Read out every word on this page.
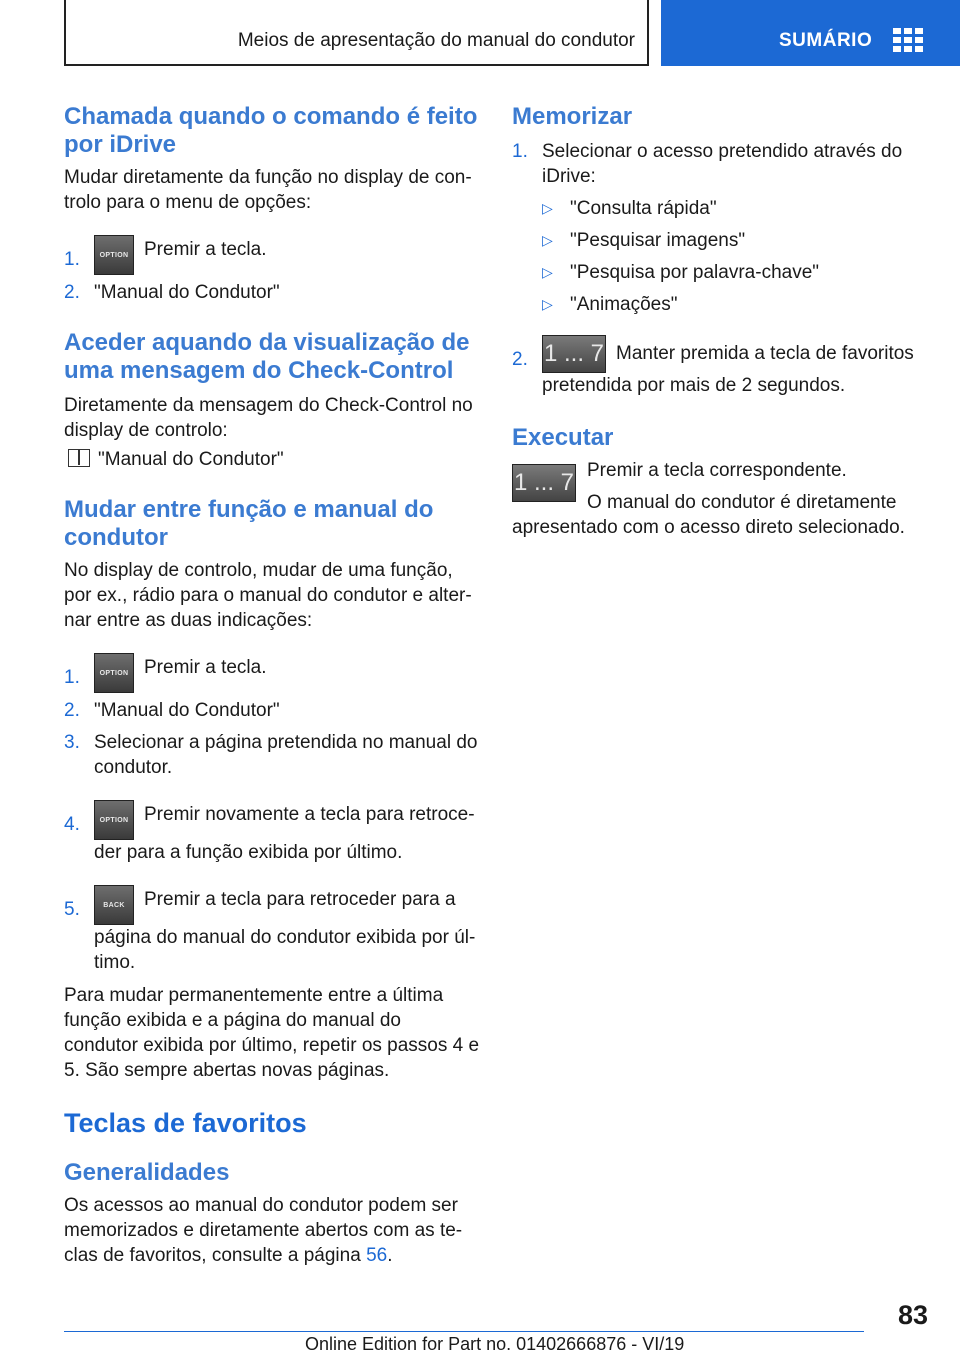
Meios de apresentação do manual do condutor	SUMÁRIO
Chamada quando o comando é feito por iDrive

Mudar diretamente da função no display de con- trolo para o menu de opções:

1.	OPTION Premir a tecla.
2. "Manual do Condutor"
Aceder aquando da visualização de uma mensagem do Check-Control

Diretamente da mensagem do Check-Control no display de controlo:

"Manual do Condutor"

Mudar entre função e manual do condutor

No display de controlo, mudar de uma função, por ex., rádio para o manual do condutor e alter- nar entre as duas indicações:

1.	OPTION Premir a tecla.
2. "Manual do Condutor"
3. Selecionar a página pretendida no manual do condutor.
4.	OPTION Premir novamente a tecla para retroce- der para a função exibida por último.
5.	BACK Premir a tecla para retroceder para a página do manual do condutor exibida por úl- timo.

Para mudar permanentemente entre a última função exibida e a página do manual do condutor exibida por último, repetir os passos 4 e 5. São sempre abertas novas páginas.

Teclas de favoritos
Generalidades

Os acessos ao manual do condutor podem ser memorizados e diretamente abertos com as te- clas de favoritos, consulte a página 56.

Memorizar
1. Selecionar o acesso pretendido através do iDrive:
▷ "Consulta rápida"
▷ "Pesquisar imagens"
▷ "Pesquisa por palavra-chave"
▷ "Animações"
2. 1 ... 7 Manter premida a tecla de favoritos pretendida por mais de 2 segundos.
Executar
1 ... 7 Premir a tecla correspondente.

O manual do condutor é diretamente apresentado com o acesso direto selecionado.

83
Online Edition for Part no. 01402666876 - VI/19
